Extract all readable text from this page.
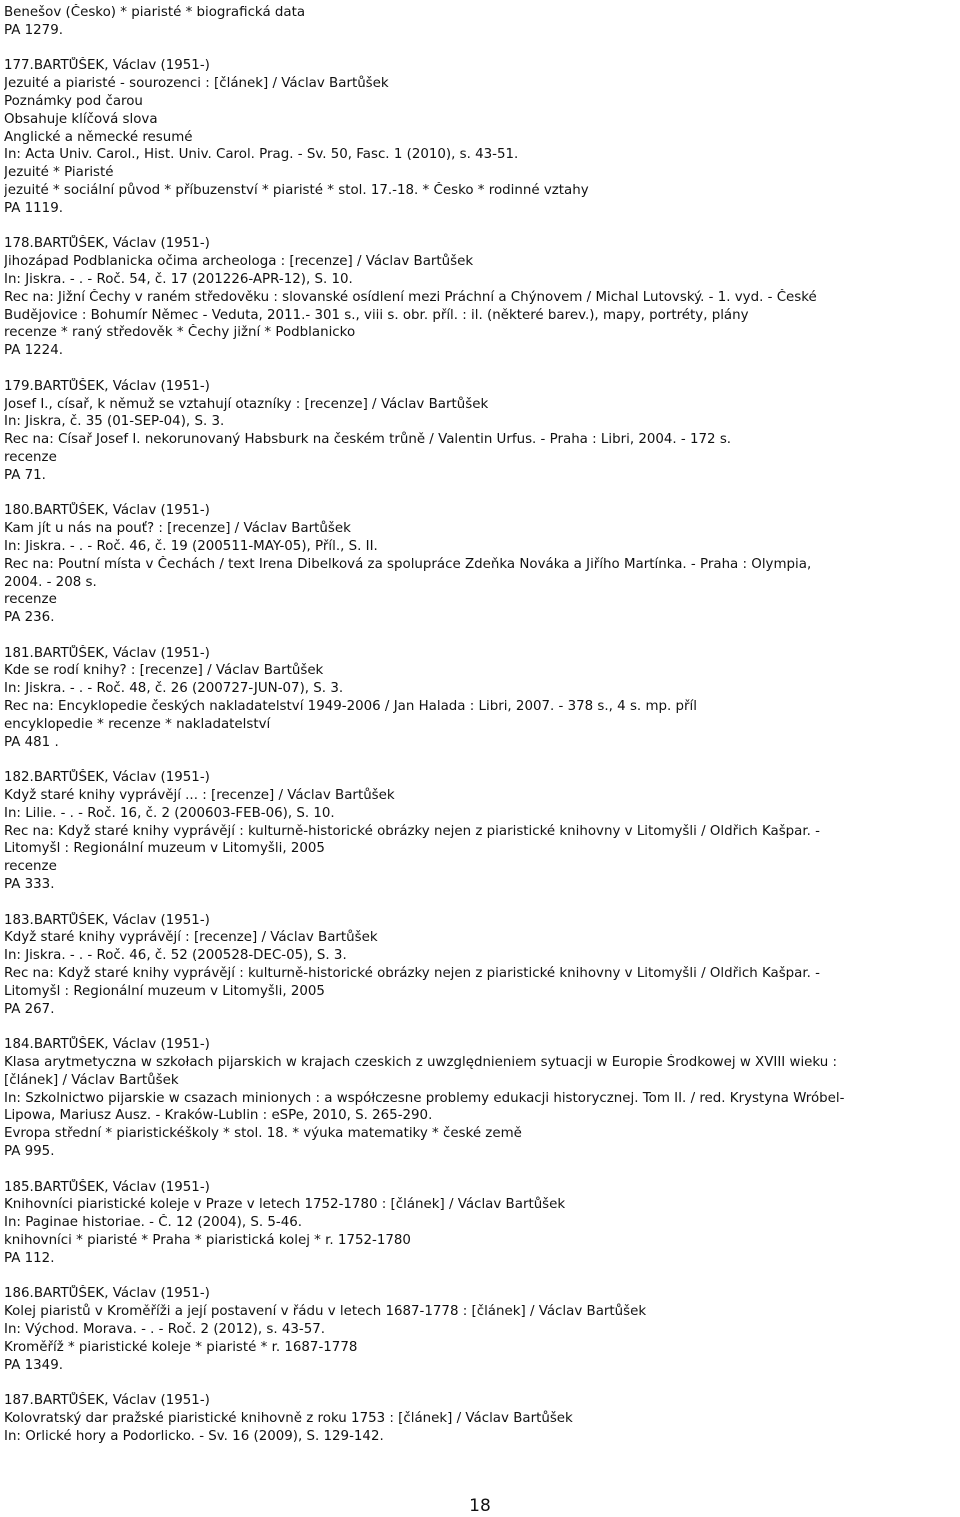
Benešov (Česko) * piaristé * biografická data
PA 1279.
177.BARTŮŠEK, Václav (1951-)
Jezuité a piaristé - sourozenci : [článek] / Václav Bartůšek
Poznámky pod čarou
Obsahuje klíčová slova
Anglické a německé resumé
In: Acta Univ. Carol., Hist. Univ. Carol. Prag. - Sv. 50, Fasc. 1 (2010), s. 43-51.
Jezuité * Piaristé
jezuité * sociální původ * příbuzenství * piaristé * stol. 17.-18. * Česko * rodinné vztahy
PA 1119.
178.BARTŮŠEK, Václav (1951-)
Jihozápad Podblanicka očima archeologa : [recenze] / Václav Bartůšek
In: Jiskra. - . - Roč. 54, č. 17 (201226-APR-12), S. 10.
Rec na: Jižní Čechy v raném středověku : slovanské osídlení mezi Práchní a Chýnovem / Michal Lutovský. - 1. vyd. - České
Budějovice : Bohumír Němec - Veduta, 2011.- 301 s., viii s. obr. příl. : il. (některé barev.), mapy, portréty, plány
recenze * raný středověk * Čechy jižní * Podblanicko
PA 1224.
179.BARTŮŠEK, Václav (1951-)
Josef I., císař, k němuž se vztahují otazníky : [recenze] / Václav Bartůšek
In: Jiskra, č. 35 (01-SEP-04), S. 3.
Rec na: Císař Josef I. nekorunovaný Habsburk na českém trůně / Valentin Urfus. - Praha : Libri, 2004. - 172 s.
recenze
PA 71.
180.BARTŮŠEK, Václav (1951-)
Kam jít u nás na pouť? : [recenze] / Václav Bartůšek
In: Jiskra. - . - Roč. 46, č. 19 (200511-MAY-05), Příl., S. II.
Rec na: Poutní místa v Čechách / text Irena Dibelková za spolupráce Zdeňka Nováka a Jiřího Martínka. - Praha : Olympia,
2004. - 208 s.
recenze
PA 236.
181.BARTŮŠEK, Václav (1951-)
Kde se rodí knihy? : [recenze] / Václav Bartůšek
In: Jiskra. - . - Roč. 48, č. 26 (200727-JUN-07), S. 3.
Rec na: Encyklopedie českých nakladatelství 1949-2006 / Jan Halada : Libri, 2007. - 378 s., 4 s. mp. příl
encyklopedie * recenze * nakladatelství
PA 481 .
182.BARTŮŠEK, Václav (1951-)
Když staré knihy vyprávějí ... : [recenze] / Václav Bartůšek
In: Lilie. - . - Roč. 16, č. 2 (200603-FEB-06), S. 10.
Rec na: Když staré knihy vyprávějí : kulturně-historické obrázky nejen z piaristické knihovny v Litomyšli / Oldřich Kašpar. -
Litomyšl : Regionální muzeum v Litomyšli, 2005
recenze
PA 333.
183.BARTŮŠEK, Václav (1951-)
Když staré knihy vyprávějí : [recenze] / Václav Bartůšek
In: Jiskra. - . - Roč. 46, č. 52 (200528-DEC-05), S. 3.
Rec na: Když staré knihy vyprávějí : kulturně-historické obrázky nejen z piaristické knihovny v Litomyšli / Oldřich Kašpar. -
Litomyšl : Regionální muzeum v Litomyšli, 2005
PA 267.
184.BARTŮŠEK, Václav (1951-)
Klasa arytmetyczna w szkołach pijarskich w krajach czeskich z uwzględnieniem sytuacji w Europie Środkowej w XVIII wieku :
[článek] / Václav Bartůšek
In: Szkolnictwo pijarskie w csazach minionych : a współczesne problemy edukacji historycznej. Tom II. / red. Krystyna Wróbel-
Lipowa, Mariusz Ausz. - Kraków-Lublin : eSPe, 2010, S. 265-290.
Evropa střední * piaristickéškoly * stol. 18. * výuka matematiky * české země
PA 995.
185.BARTŮŠEK, Václav (1951-)
Knihovníci piaristické koleje v Praze v letech 1752-1780 : [článek] / Václav Bartůšek
In: Paginae historiae. - Č. 12 (2004), S. 5-46.
knihovníci * piaristé * Praha * piaristická kolej * r. 1752-1780
PA 112.
186.BARTŮŠEK, Václav (1951-)
Kolej piaristů v Kroměříži a její postavení v řádu v letech 1687-1778 : [článek] / Václav Bartůšek
In: Východ. Morava. - . - Roč. 2 (2012), s. 43-57.
Kroměříž * piaristické koleje * piaristé * r. 1687-1778
PA 1349.
187.BARTŮŠEK, Václav (1951-)
Kolovratský dar pražské piaristické knihovně z roku 1753 : [článek] / Václav Bartůšek
In: Orlické hory a Podorlicko. - Sv. 16 (2009), S. 129-142.
18
